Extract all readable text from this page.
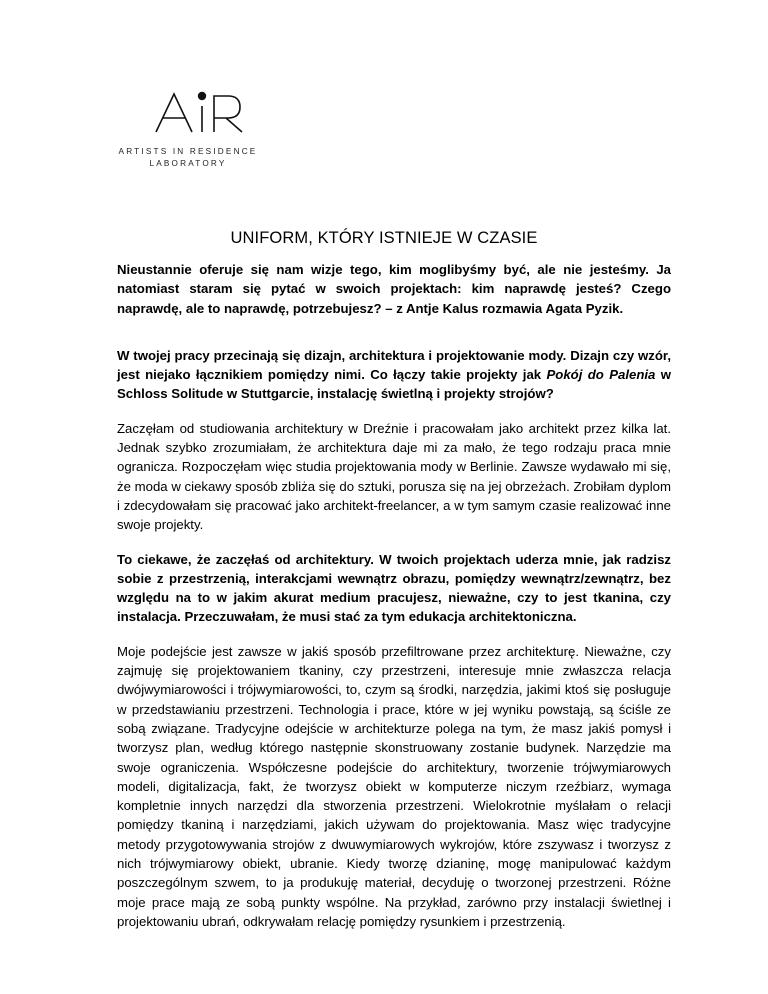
ARTISTS IN RESIDENCE
LABORATORY
UNIFORM, KTÓRY ISTNIEJE W CZASIE

Nieustannie oferuje się nam wizje tego, kim moglibyśmy być, ale nie jesteśmy. Ja natomiast staram się pytać w swoich projektach: kim naprawdę jesteś? Czego naprawdę, ale to naprawdę, potrzebujesz? – z Antje Kalus rozmawia Agata Pyzik.

W twojej pracy przecinają się dizajn, architektura i projektowanie mody. Dizajn czy wzór, jest niejako łącznikiem pomiędzy nimi. Co łączy takie projekty jak Pokój do Palenia w Schloss Solitude w Stuttgarcie, instalację świetlną i projekty strojów?

Zaczęłam od studiowania architektury w Dreźnie i pracowałam jako architekt przez kilka lat. Jednak szybko zrozumiałam, że architektura daje mi za mało, że tego rodzaju praca mnie ogranicza. Rozpoczęłam więc studia projektowania mody w Berlinie. Zawsze wydawało mi się, że moda w ciekawy sposób zbliża się do sztuki, porusza się na jej obrzeżach. Zrobiłam dyplom i zdecydowałam się pracować jako architekt-freelancer, a w tym samym czasie realizować inne swoje projekty.

To ciekawe, że zaczęłaś od architektury. W twoich projektach uderza mnie, jak radzisz sobie z przestrzenią, interakcjami wewnątrz obrazu, pomiędzy wewnątrz/zewnątrz, bez względu na to w jakim akurat medium pracujesz, nieważne, czy to jest tkanina, czy instalacja. Przeczuwałam, że musi stać za tym edukacja architektoniczna.

Moje podejście jest zawsze w jakiś sposób przefiltrowane przez architekturę. Nieważne, czy zajmuję się projektowaniem tkaniny, czy przestrzeni, interesuje mnie zwłaszcza relacja dwójwymiarowości i trójwymiarowości, to, czym są środki, narzędzia, jakimi ktoś się posługuje w przedstawianiu przestrzeni. Technologia i prace, które w jej wyniku powstają, są ściśle ze sobą związane. Tradycyjne odejście w architekturze polega na tym, że masz jakiś pomysł i tworzysz plan, według którego następnie skonstruowany zostanie budynek. Narzędzie ma swoje ograniczenia. Współczesne podejście do architektury, tworzenie trójwymiarowych modeli, digitalizacja, fakt, że tworzysz obiekt w komputerze niczym rzeźbiarz, wymaga kompletnie innych narzędzi dla stworzenia przestrzeni. Wielokrotnie myślałam o relacji pomiędzy tkaniną i narzędziami, jakich używam do projektowania. Masz więc tradycyjne metody przygotowywania strojów z dwuwymiarowych wykrojów, które zszywasz i tworzysz z nich trójwymiarowy obiekt, ubranie. Kiedy tworzę dzianinę, mogę manipulować każdym poszczególnym szwem, to ja produkuję materiał, decyduję o tworzonej przestrzeni. Różne moje prace mają ze sobą punkty wspólne. Na przykład, zarówno przy instalacji świetlnej i projektowaniu ubrań, odkrywałam relację pomiędzy rysunkiem i przestrzenią.
